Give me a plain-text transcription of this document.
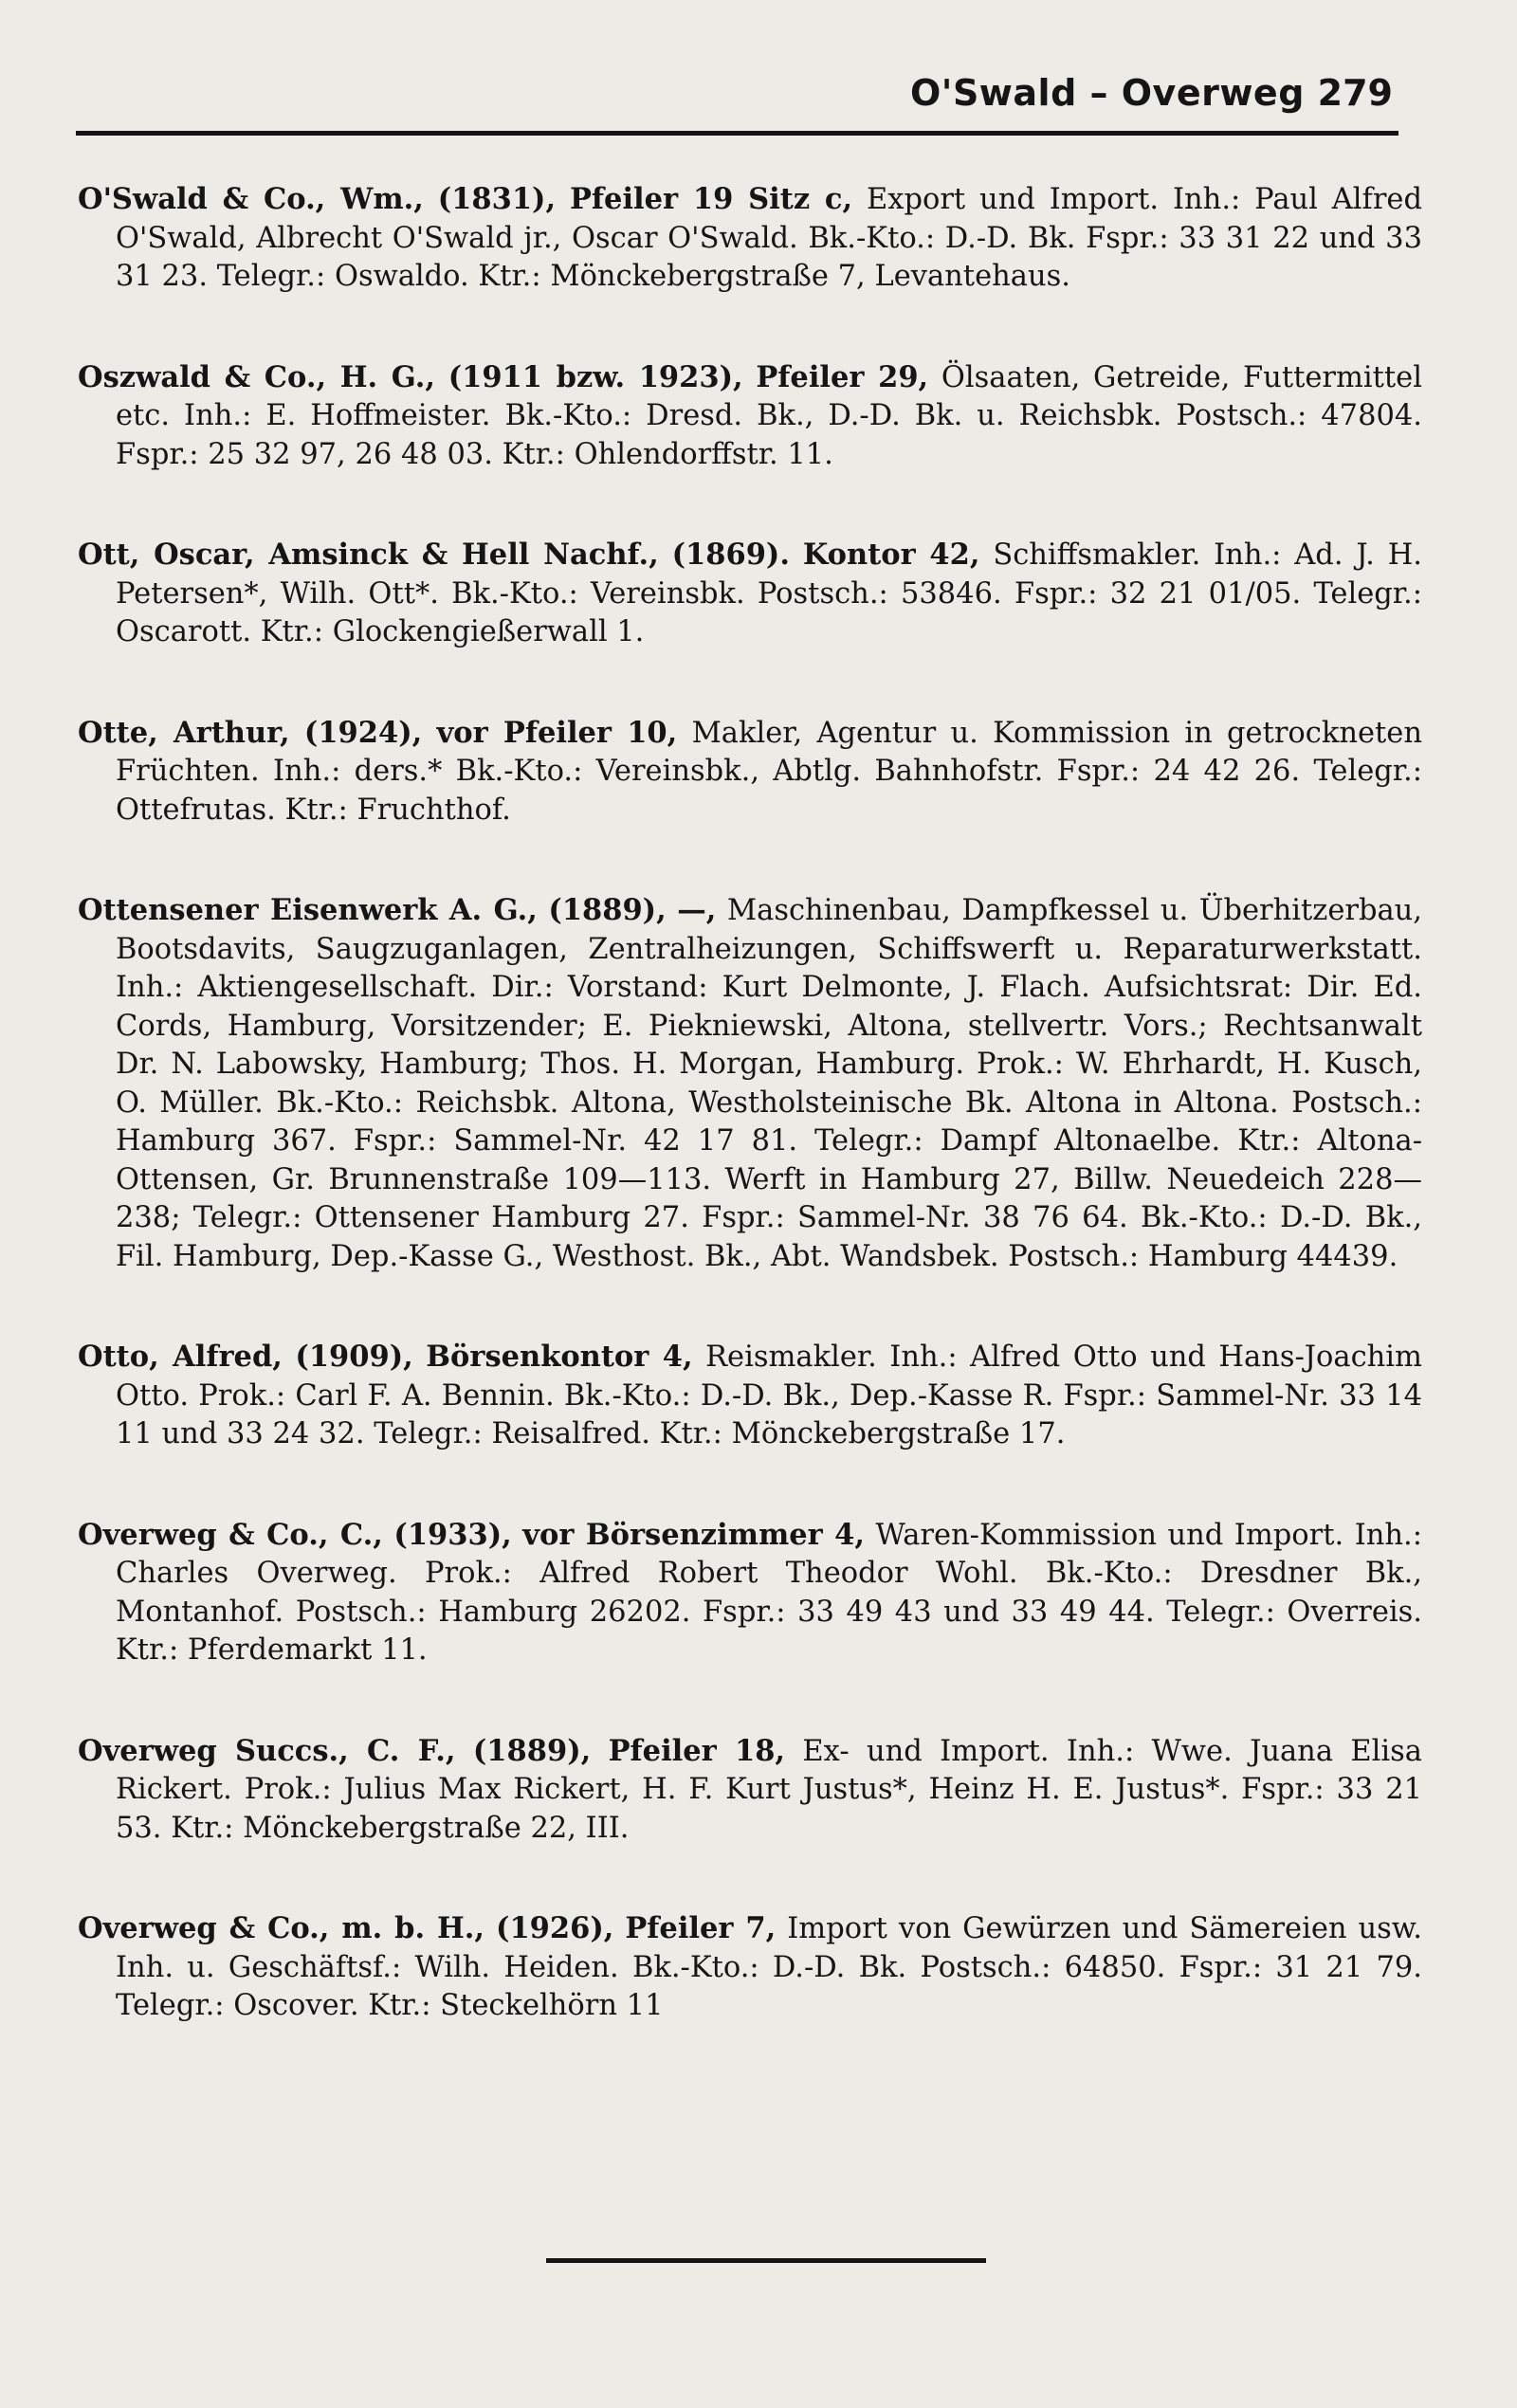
O'Swald – Overweg 279

O'Swald & Co., Wm., (1831), Pfeiler 19 Sitz c, Export und Import. Inh.: Paul Alfred O'Swald, Albrecht O'Swald jr., Oscar O'Swald. Bk.-Kto.: D.-D. Bk. Fspr.: 33 31 22 und 33 31 23. Telegr.: Oswaldo. Ktr.: Mönckebergstraße 7, Levantehaus.

Oszwald & Co., H. G., (1911 bzw. 1923), Pfeiler 29, Ölsaaten, Getreide, Futtermittel etc. Inh.: E. Hoffmeister. Bk.-Kto.: Dresd. Bk., D.-D. Bk. u. Reichsbk. Postsch.: 47804. Fspr.: 25 32 97, 26 48 03. Ktr.: Ohlendorffstr. 11.

Ott, Oscar, Amsinck & Hell Nachf., (1869). Kontor 42, Schiffsmakler. Inh.: Ad. J. H. Petersen*, Wilh. Ott*. Bk.-Kto.: Vereinsbk. Postsch.: 53846. Fspr.: 32 21 01/05. Telegr.: Oscarott. Ktr.: Glockengießerwall 1.

Otte, Arthur, (1924), vor Pfeiler 10, Makler, Agentur u. Kommission in getrockneten Früchten. Inh.: ders.* Bk.-Kto.: Vereinsbk., Abtlg. Bahnhofstr. Fspr.: 24 42 26. Telegr.: Ottefrutas. Ktr.: Fruchthof.

Ottensener Eisenwerk A. G., (1889), —, Maschinenbau, Dampfkessel u. Überhitzerbau, Bootsdavits, Saugzuganlagen, Zentralheizungen, Schiffswerft u. Reparaturwerkstatt. Inh.: Aktiengesellschaft. Dir.: Vorstand: Kurt Delmonte, J. Flach. Aufsichtsrat: Dir. Ed. Cords, Hamburg, Vorsitzender; E. Piekniewski, Altona, stellvertr. Vors.; Rechtsanwalt Dr. N. Labowsky, Hamburg; Thos. H. Morgan, Hamburg. Prok.: W. Ehrhardt, H. Kusch, O. Müller. Bk.-Kto.: Reichsbk. Altona, Westholsteinische Bk. Altona in Altona. Postsch.: Hamburg 367. Fspr.: Sammel-Nr. 42 17 81. Telegr.: Dampf Altonaelbe. Ktr.: Altona-Ottensen, Gr. Brunnenstraße 109—113. Werft in Hamburg 27, Billw. Neuedeich 228—238; Telegr.: Ottensener Hamburg 27. Fspr.: Sammel-Nr. 38 76 64. Bk.-Kto.: D.-D. Bk., Fil. Hamburg, Dep.-Kasse G., Westhost. Bk., Abt. Wandsbek. Postsch.: Hamburg 44439.

Otto, Alfred, (1909), Börsenkontor 4, Reismakler. Inh.: Alfred Otto und Hans-Joachim Otto. Prok.: Carl F. A. Bennin. Bk.-Kto.: D.-D. Bk., Dep.-Kasse R. Fspr.: Sammel-Nr. 33 14 11 und 33 24 32. Telegr.: Reisalfred. Ktr.: Mönckebergstraße 17.

Overweg & Co., C., (1933), vor Börsenzimmer 4, Waren-Kommission und Import. Inh.: Charles Overweg. Prok.: Alfred Robert Theodor Wohl. Bk.-Kto.: Dresdner Bk., Montanhof. Postsch.: Hamburg 26202. Fspr.: 33 49 43 und 33 49 44. Telegr.: Overreis. Ktr.: Pferdemarkt 11.

Overweg Succs., C. F., (1889), Pfeiler 18, Ex- und Import. Inh.: Wwe. Juana Elisa Rickert. Prok.: Julius Max Rickert, H. F. Kurt Justus*, Heinz H. E. Justus*. Fspr.: 33 21 53. Ktr.: Mönckebergstraße 22, III.

Overweg & Co., m. b. H., (1926), Pfeiler 7, Import von Gewürzen und Sämereien usw. Inh. u. Geschäftsf.: Wilh. Heiden. Bk.-Kto.: D.-D. Bk. Postsch.: 64850. Fspr.: 31 21 79. Telegr.: Oscover. Ktr.: Steckelhörn 11
